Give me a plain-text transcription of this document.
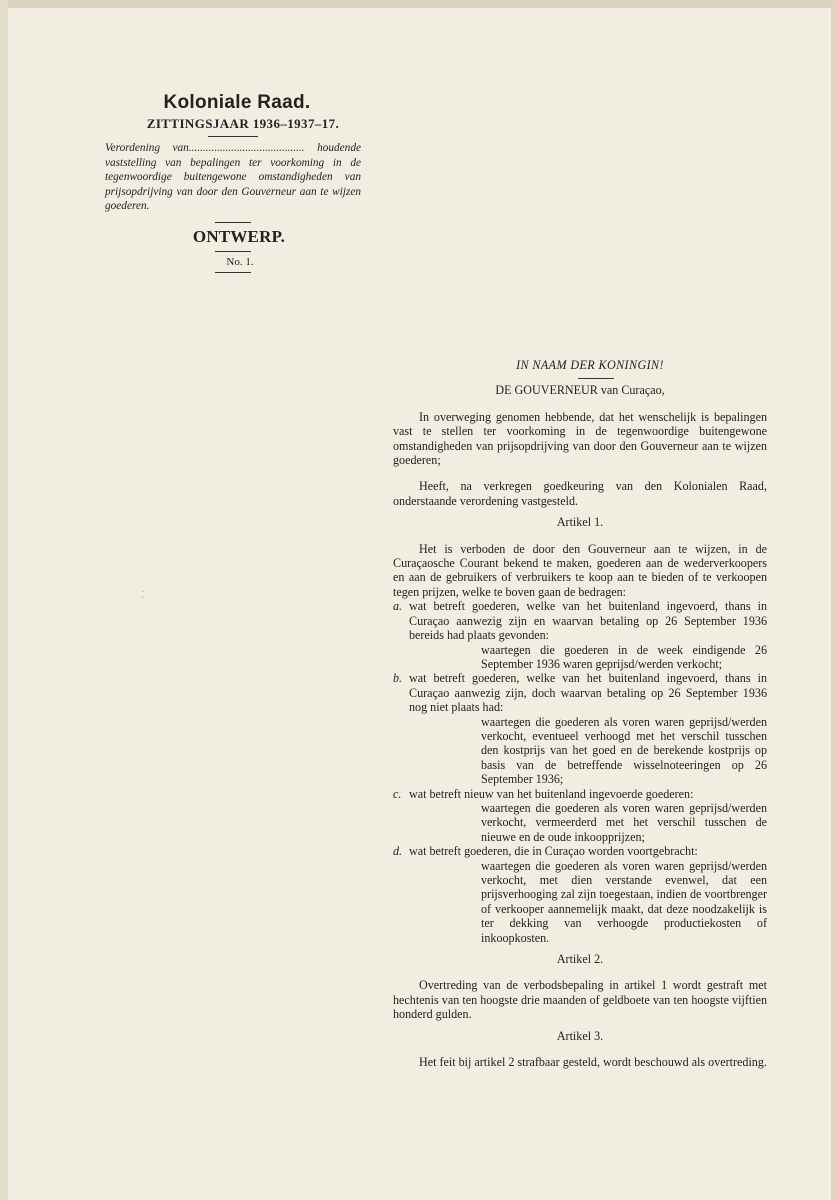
Koloniale Raad.
ZITTINGSJAAR 1936–1937–17.
Verordening van......................................... houdende vaststelling van bepalingen ter voorkoming in de tegenwoordige buitengewone omstandigheden van prijsopdrijving van door den Gouverneur aan te wijzen goederen.
ONTWERP.
No. 1.
⁚
IN NAAM DER KONINGIN!
DE GOUVERNEUR van Curaçao,

In overweging genomen hebbende, dat het wenschelijk is bepalingen vast te stellen ter voorkoming in de tegenwoordige buitengewone omstandigheden van prijsopdrijving van door den Gouverneur aan te wijzen goederen;

Heeft, na verkregen goedkeuring van den Kolonialen Raad, onderstaande verordening vastgesteld.

Artikel 1.

Het is verboden de door den Gouverneur aan te wijzen, in de Curaçaosche Courant bekend te maken, goederen aan de wederverkoopers en aan de gebruikers of verbruikers te koop aan te bieden of te verkoopen tegen prijzen, welke te boven gaan de bedragen:

a. wat betreft goederen, welke van het buitenland ingevoerd, thans in Curaçao aanwezig zijn en waarvan betaling op 26 September 1936 bereids had plaats gevonden:
waartegen die goederen in de week eindigende 26 September 1936 waren geprijsd/werden verkocht;
b. wat betreft goederen, welke van het buitenland ingevoerd, thans in Curaçao aanwezig zijn, doch waarvan betaling op 26 September 1936 nog niet plaats had:
waartegen die goederen als voren waren geprijsd/werden verkocht, eventueel verhoogd met het verschil tusschen den kostprijs van het goed en de berekende kostprijs op basis van de betreffende wisselnoteeringen op 26 September 1936;
c. wat betreft nieuw van het buitenland ingevoerde goederen:
waartegen die goederen als voren waren geprijsd/werden verkocht, vermeerderd met het verschil tusschen de nieuwe en de oude inkoopprijzen;
d. wat betreft goederen, die in Curaçao worden voortgebracht:
waartegen die goederen als voren waren geprijsd/werden verkocht, met dien verstande evenwel, dat een prijsverhooging zal zijn toegestaan, indien de voortbrenger of verkooper aannemelijk maakt, dat deze noodzakelijk is ter dekking van verhoogde productiekosten of inkoopkosten.

Artikel 2.

Overtreding van de verbodsbepaling in artikel 1 wordt gestraft met hechtenis van ten hoogste drie maanden of geldboete van ten hoogste vijftien honderd gulden.

Artikel 3.

Het feit bij artikel 2 strafbaar gesteld, wordt beschouwd als overtreding.
